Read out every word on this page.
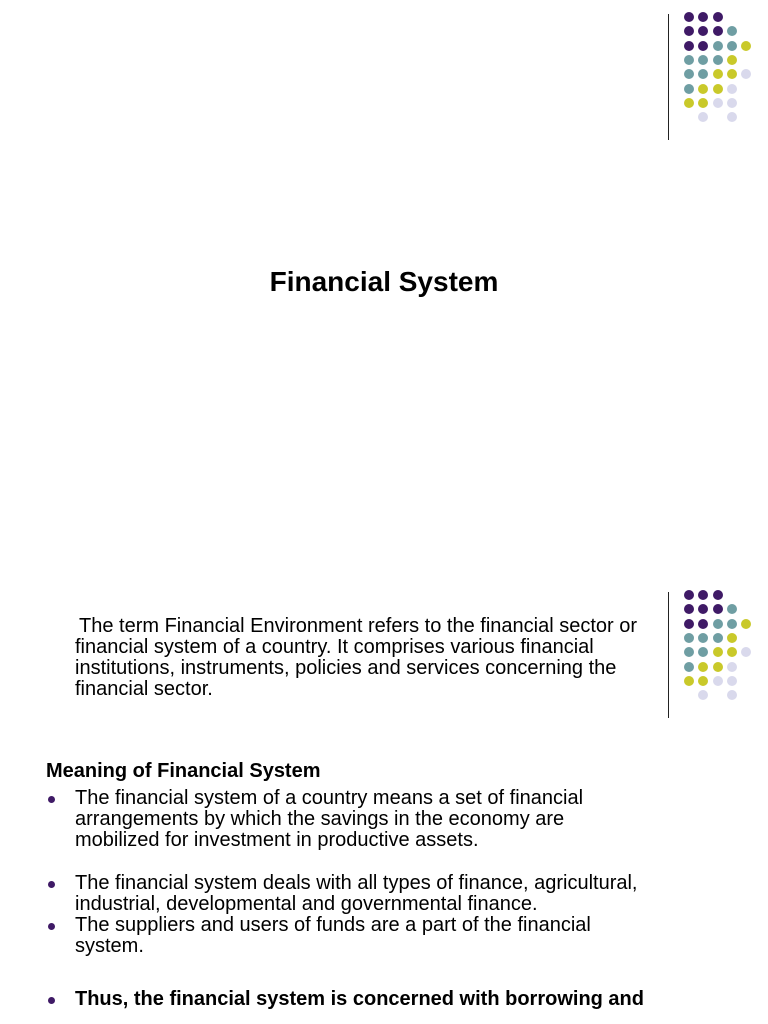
Financial System
The term Financial Environment refers to the financial sector or
financial system of a country. It comprises various financial
institutions, instruments, policies and services concerning the
financial sector.
Meaning of Financial System
The financial system of a country means a set of financial
arrangements by which the savings in the economy are
mobilized for investment in productive assets.
The financial system deals with all types of finance, agricultural,
industrial, developmental and governmental finance.
The suppliers and users of funds are a part of the financial
system.
Thus, the financial system is concerned with borrowing and
